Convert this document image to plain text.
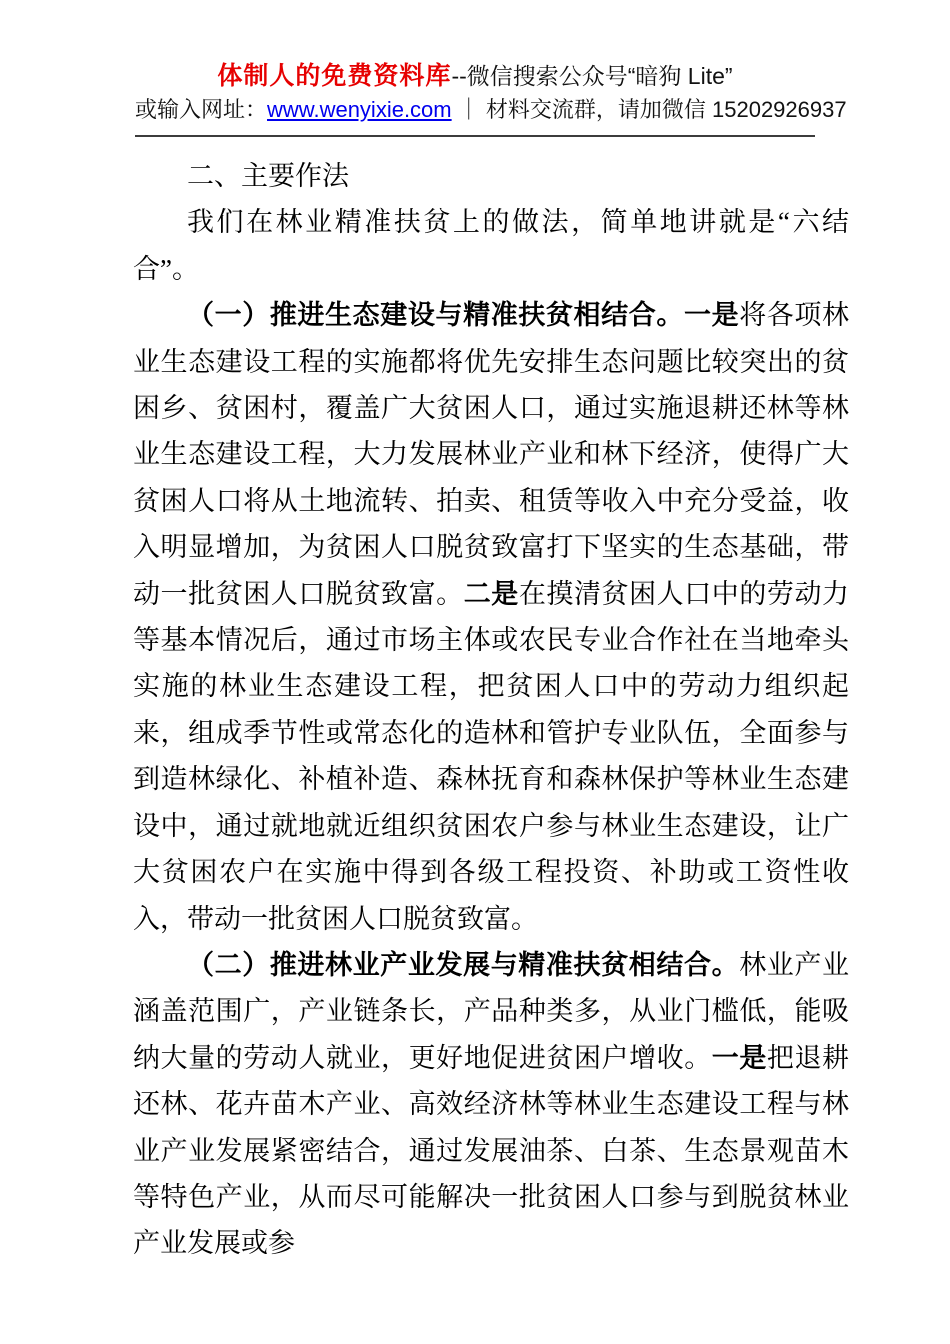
体制人的免费资料库--微信搜索公众号“暗狗 Lite”
或输入网址：www.wenyixie.com ｜ 材料交流群，请加微信 15202926937

二、主要作法

我们在林业精准扶贫上的做法，简单地讲就是“六结合”。

（一）推进生态建设与精准扶贫相结合。一是将各项林业生态建设工程的实施都将优先安排生态问题比较突出的贫困乡、贫困村，覆盖广大贫困人口，通过实施退耕还林等林业生态建设工程，大力发展林业产业和林下经济，使得广大贫困人口将从土地流转、拍卖、租赁等收入中充分受益，收入明显增加，为贫困人口脱贫致富打下坚实的生态基础，带动一批贫困人口脱贫致富。二是在摸清贫困人口中的劳动力等基本情况后，通过市场主体或农民专业合作社在当地牵头实施的林业生态建设工程，把贫困人口中的劳动力组织起来，组成季节性或常态化的造林和管护专业队伍，全面参与到造林绿化、补植补造、森林抚育和森林保护等林业生态建设中，通过就地就近组织贫困农户参与林业生态建设，让广大贫困农户在实施中得到各级工程投资、补助或工资性收入，带动一批贫困人口脱贫致富。

（二）推进林业产业发展与精准扶贫相结合。林业产业涵盖范围广，产业链条长，产品种类多，从业门槛低，能吸纳大量的劳动人就业，更好地促进贫困户增收。一是把退耕还林、花卉苗木产业、高效经济林等林业生态建设工程与林业产业发展紧密结合，通过发展油茶、白茶、生态景观苗木等特色产业，从而尽可能解决一批贫困人口参与到脱贫林业产业发展或参
